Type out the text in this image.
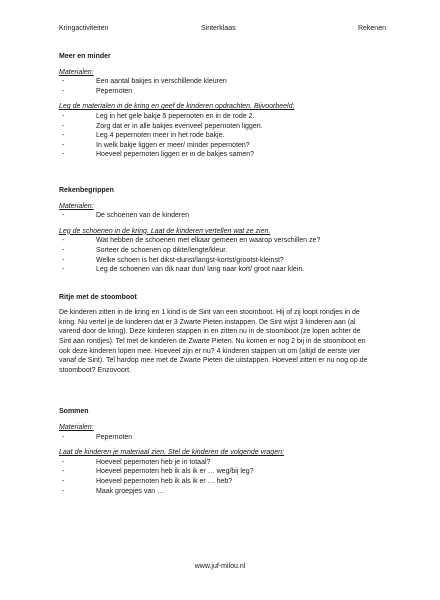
Kringactiviteiten	Sinterklaas	Rekenen

Meer en minder

Materialen:

- Een aantal bakjes in verschillende kleuren
- Pepernoten

Leg de materialen in de kring en geef de kinderen opdrachten. Bijvoorbeeld:

- Leg in het gele bakje 5 pepernoten en in de rode 2.
- Zorg dat er in alle bakjes evenveel pepernoten liggen.
- Leg 4 pepernoten meer in het rode bakje.
- In welk bakje liggen er meer/ minder pepernoten?
- Hoeveel pepernoten liggen er in de bakjes samen?

Rekenbegrippen

Materialen:

- De schoenen van de kinderen

Leg de schoenen in de kring. Laat de kinderen vertellen wat ze zien.

- Wat hebben de schoenen met elkaar gemeen en waarop verschillen ze?
- Sorteer de schoenen op dikte/lengte/kleur.
- Welke schoen is het dikst-dunst/langst-kortst/grootst-kleinst?
- Leg de schoenen van dik naar dun/ lang naar kort/ groot naar klein.

Ritje met de stoomboot

De kinderen zitten in de kring en 1 kind is de Sint van een stoomboot. Hij of zij loopt rondjes in de
kring. Nu vertel je de kinderen dat er 3 Zwarte Pieten instappen. De Sint wijst 3 kinderen aan (al
varend door de kring). Deze kinderen stappen in en zitten nu in de stoomboot (ze lopen achter de
Sint aan rondjes). Tel met de kinderen de Zwarte Pieten. Nu komen er nog 2 bij in de stoomboot en
ook deze kinderen lopen mee. Hoeveel zijn er nu? 4 kinderen stappen uit om (altijd de eerste vier
vanaf de Sint). Tel hardop mee met de Zwarte Pieten die uitstappen. Hoeveel zitten er nu nog op de
stoomboot? Enzovoort.

Sommen

Materialen:

- Pepernoten

Laat de kinderen je materiaal zien. Stel de kinderen de volgende vragen:

- Hoeveel pepernoten heb je in totaal?
- Hoeveel pepernoten heb ik als ik er … weg/bij leg?
- Hoeveel pepernoten heb ik als ik er … heb?
- Maak groepjes van …
www.juf-milou.nl
